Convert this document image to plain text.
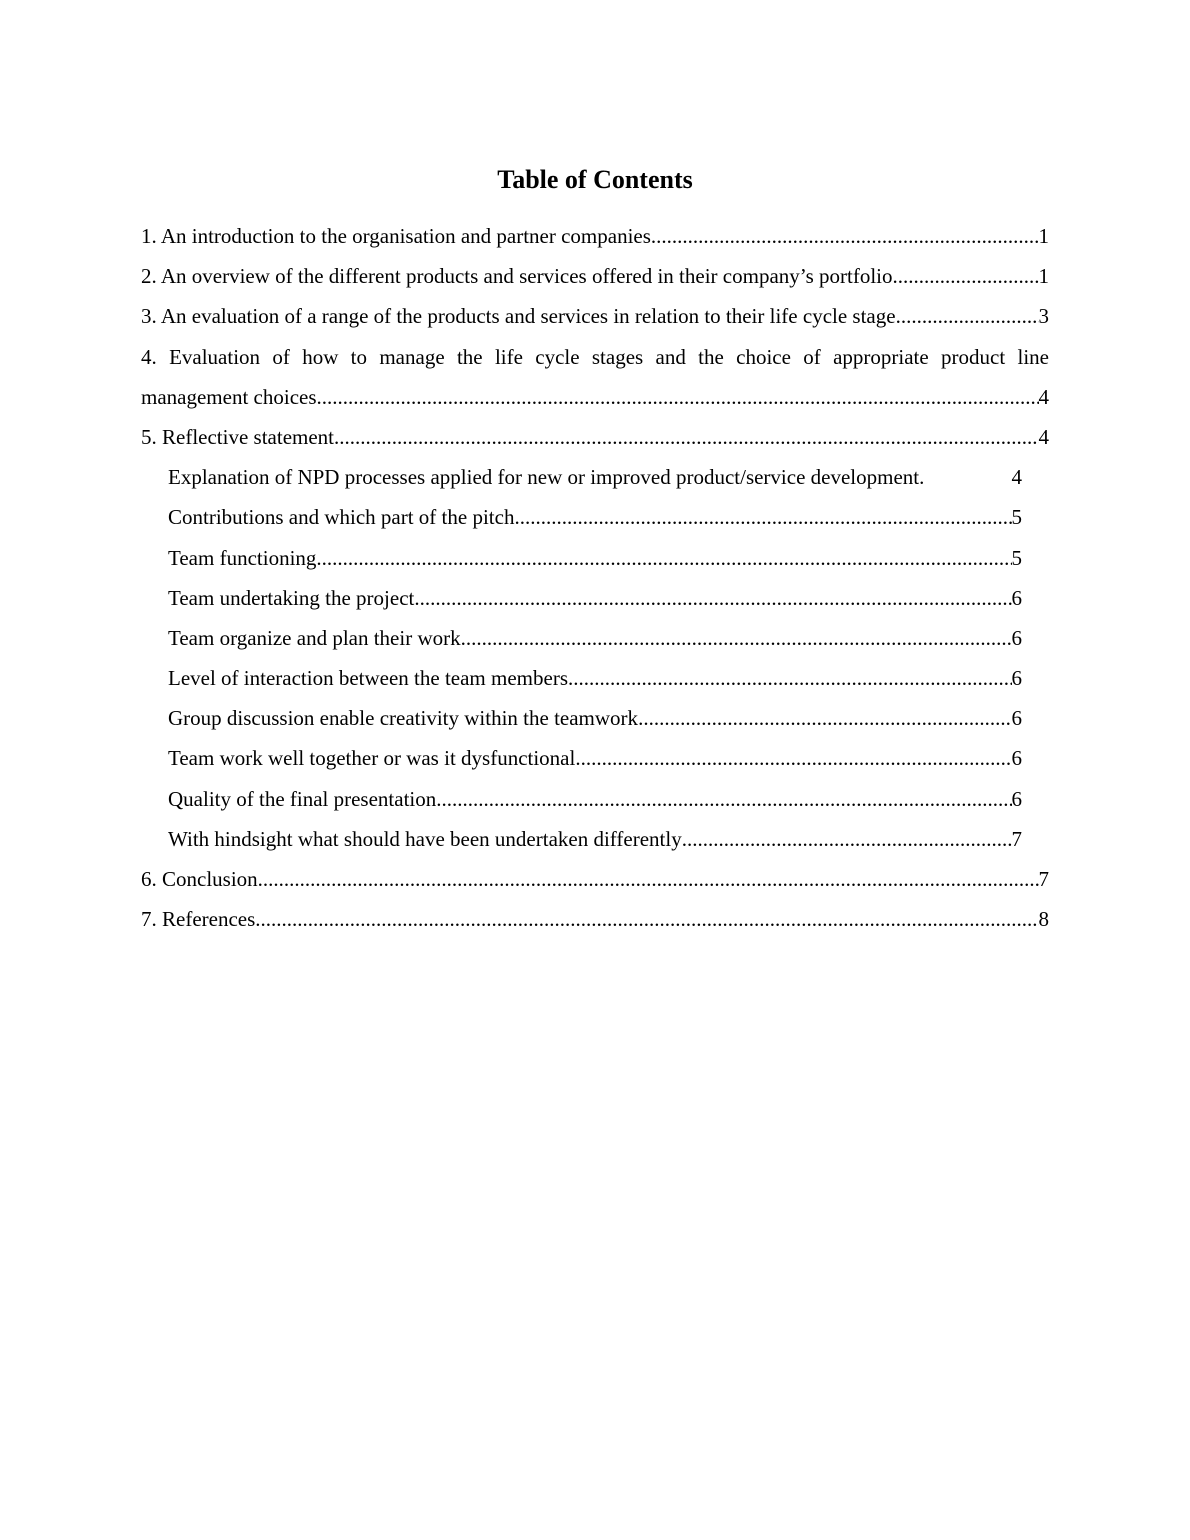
Table of Contents
1. An introduction to the organisation and partner companies .....	1
2. An overview of the different products and services offered in their company’s portfolio .....	1
3. An evaluation of a range of the products and services in relation to their life cycle stage .....	3
4. Evaluation of how to manage the life cycle stages and the choice of appropriate product line
management choices .....	4
5. Reflective statement .....	4
Explanation of NPD processes applied for new or improved product/service development.	4
Contributions and which part of the pitch .....	5
Team functioning .....	5
Team undertaking the project .....	6
Team organize and plan their work .....	6
Level of interaction between the team members .....	6
Group discussion enable creativity within the teamwork .....	6
Team work well together or was it dysfunctional .....	6
Quality of the final presentation .....	6
With hindsight what should have been undertaken differently .....	7
6. Conclusion .....	7
7. References .....	8
